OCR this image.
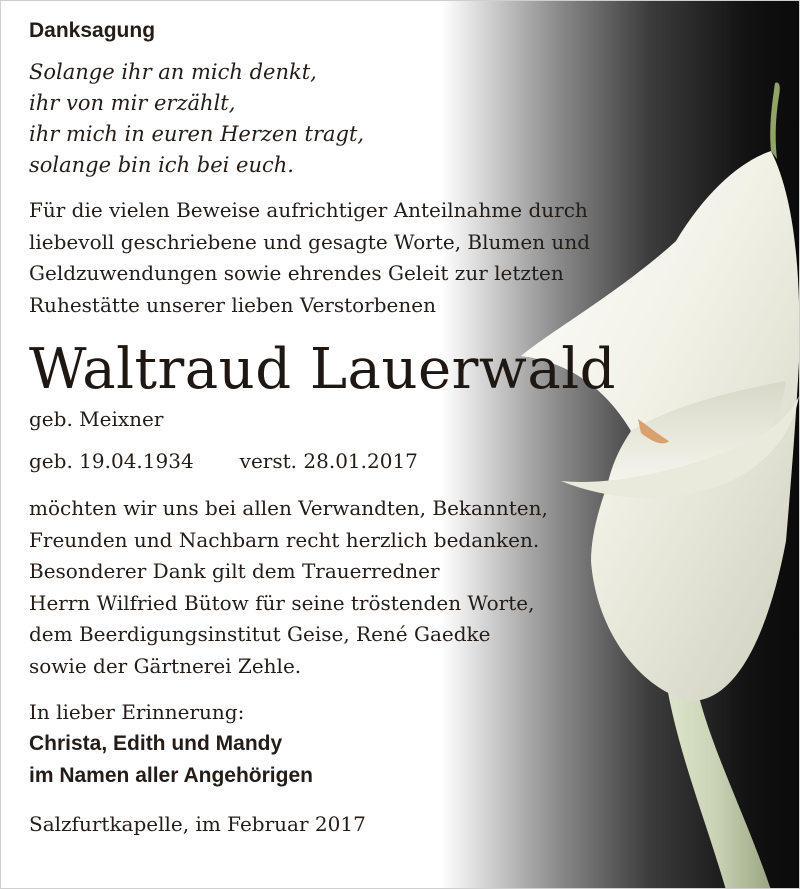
Danksagung

Solange ihr an mich denkt,

ihr von mir erzählt,

ihr mich in euren Herzen tragt,

solange bin ich bei euch.

Für die vielen Beweise aufrichtiger Anteilnahme durch

liebevoll geschriebene und gesagte Worte, Blumen und

Geldzuwendungen sowie ehrendes Geleit zur letzten

Ruhestätte unserer lieben Verstorbenen

Waltraud Lauerwald

geb. Meixner

geb. 19.04.1934 verst. 28.01.2017

möchten wir uns bei allen Verwandten, Bekannten,

Freunden und Nachbarn recht herzlich bedanken.

Besonderer Dank gilt dem Trauerredner

Herrn Wilfried Bütow für seine tröstenden Worte,

dem Beerdigungsinstitut Geise, René Gaedke

sowie der Gärtnerei Zehle.

In lieber Erinnerung:

Christa, Edith und Mandy

im Namen aller Angehörigen

Salzfurtkapelle, im Februar 2017
